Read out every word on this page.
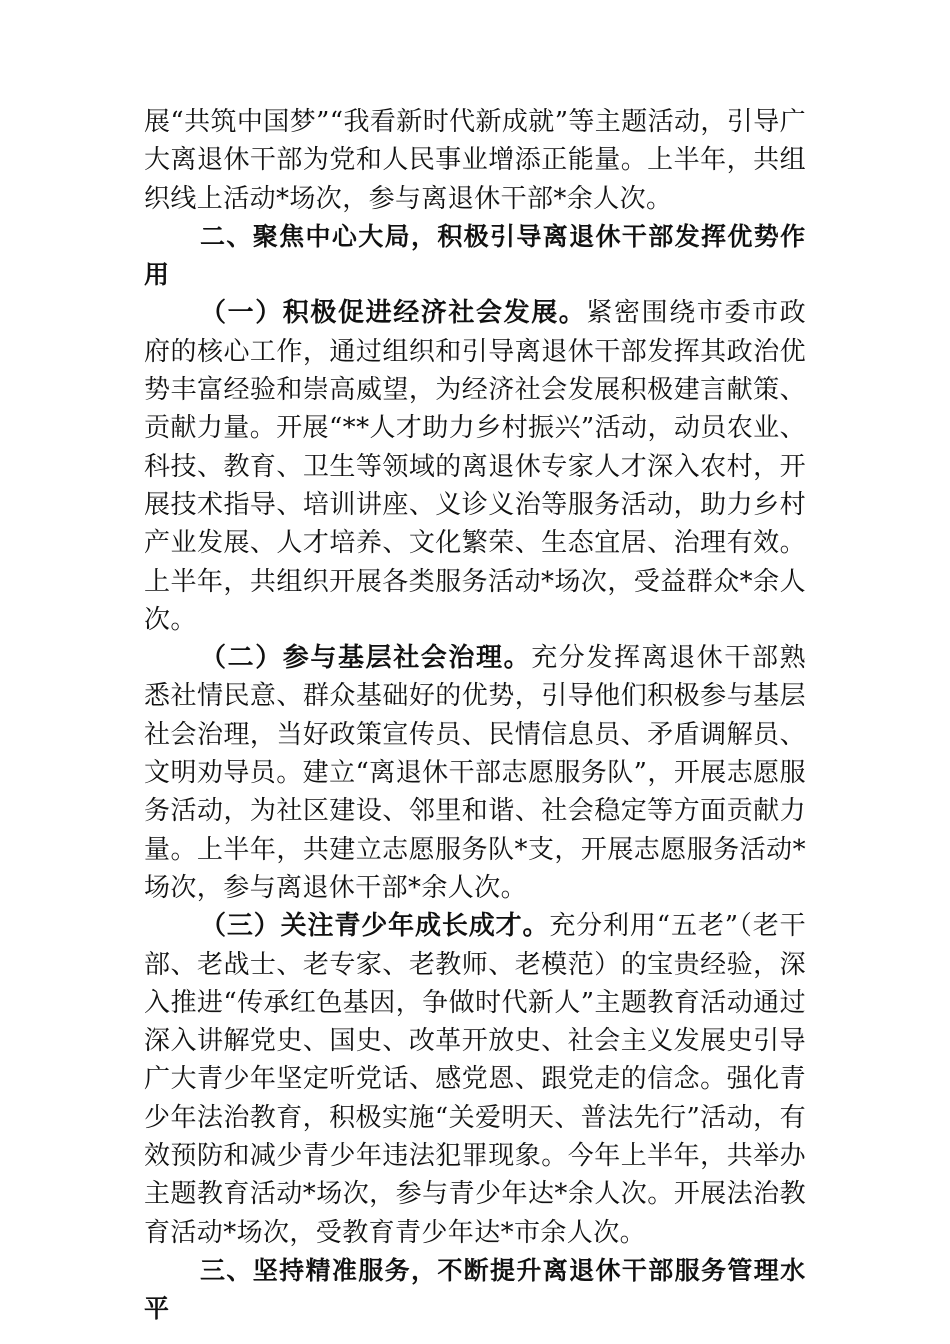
展“共筑中国梦”“我看新时代新成就”等主题活动，引导广大离退休干部为党和人民事业增添正能量。上半年，共组织线上活动*场次，参与离退休干部*余人次。

二、聚焦中心大局，积极引导离退休干部发挥优势作用

（一）积极促进经济社会发展。紧密围绕市委市政府的核心工作，通过组织和引导离退休干部发挥其政治优势丰富经验和崇高威望，为经济社会发展积极建言献策、贡献力量。开展“**人才助力乡村振兴”活动，动员农业、科技、教育、卫生等领域的离退休专家人才深入农村，开展技术指导、培训讲座、义诊义治等服务活动，助力乡村产业发展、人才培养、文化繁荣、生态宜居、治理有效。上半年，共组织开展各类服务活动*场次，受益群众*余人次。

（二）参与基层社会治理。充分发挥离退休干部熟悉社情民意、群众基础好的优势，引导他们积极参与基层社会治理，当好政策宣传员、民情信息员、矛盾调解员、文明劝导员。建立“离退休干部志愿服务队”，开展志愿服务活动，为社区建设、邻里和谐、社会稳定等方面贡献力量。上半年，共建立志愿服务队*支，开展志愿服务活动*场次，参与离退休干部*余人次。

（三）关注青少年成长成才。充分利用“五老”（老干部、老战士、老专家、老教师、老模范）的宝贵经验，深入推进“传承红色基因，争做时代新人”主题教育活动通过深入讲解党史、国史、改革开放史、社会主义发展史引导广大青少年坚定听党话、感党恩、跟党走的信念。强化青少年法治教育，积极实施“关爱明天、普法先行”活动，有效预防和减少青少年违法犯罪现象。今年上半年，共举办主题教育活动*场次，参与青少年达*余人次。开展法治教育活动*场次，受教育青少年达*市余人次。

三、坚持精准服务，不断提升离退休干部服务管理水平
